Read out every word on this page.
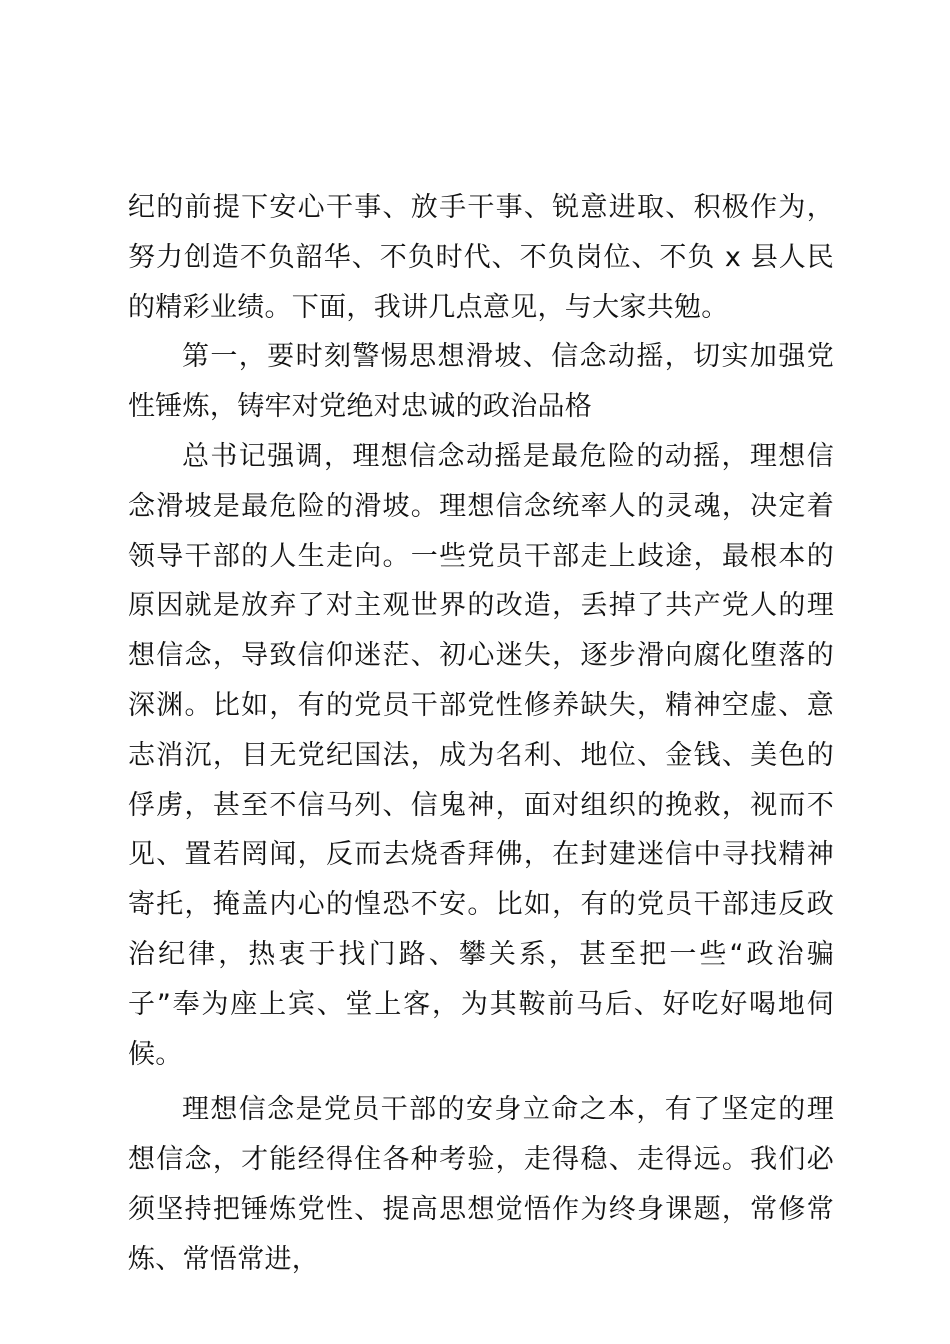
纪的前提下安心干事、放手干事、锐意进取、积极作为，努力创造不负韶华、不负时代、不负岗位、不负 x 县人民的精彩业绩。下面，我讲几点意见，与大家共勉。

第一，要时刻警惕思想滑坡、信念动摇，切实加强党性锤炼，铸牢对党绝对忠诚的政治品格

总书记强调，理想信念动摇是最危险的动摇，理想信念滑坡是最危险的滑坡。理想信念统率人的灵魂，决定着领导干部的人生走向。一些党员干部走上歧途，最根本的原因就是放弃了对主观世界的改造，丢掉了共产党人的理想信念，导致信仰迷茫、初心迷失，逐步滑向腐化堕落的深渊。比如，有的党员干部党性修养缺失，精神空虚、意志消沉，目无党纪国法，成为名利、地位、金钱、美色的俘虏，甚至不信马列、信鬼神，面对组织的挽救，视而不见、置若罔闻，反而去烧香拜佛，在封建迷信中寻找精神寄托，掩盖内心的惶恐不安。比如，有的党员干部违反政治纪律，热衷于找门路、攀关系，甚至把一些“政治骗子”奉为座上宾、堂上客，为其鞍前马后、好吃好喝地伺候。

理想信念是党员干部的安身立命之本，有了坚定的理想信念，才能经得住各种考验，走得稳、走得远。我们必须坚持把锤炼党性、提高思想觉悟作为终身课题，常修常炼、常悟常进，
